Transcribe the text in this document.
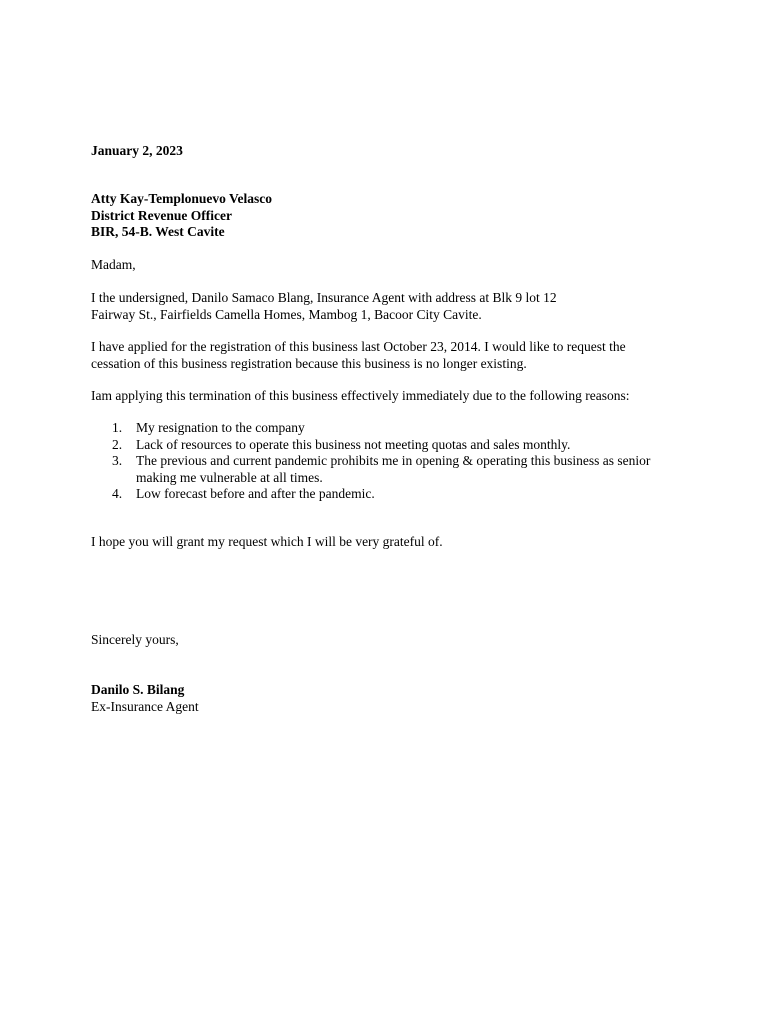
January 2, 2023
Atty Kay-Templonuevo Velasco
District Revenue Officer
BIR, 54-B. West Cavite
Madam,
I the undersigned, Danilo Samaco Blang, Insurance Agent with address at Blk 9 lot 12
Fairway St., Fairfields Camella Homes, Mambog 1, Bacoor City Cavite.
I have applied for the registration of this business last October 23, 2014. I would like to request the
cessation of this business registration because this business is no longer existing.
Iam applying this termination of this business effectively immediately due to the following reasons:
1. My resignation to the company
2. Lack of resources to operate this business not meeting quotas and sales monthly.
3. The previous and current pandemic prohibits me in opening & operating this business as senior
making me vulnerable at all times.
4. Low forecast before and after the pandemic.
I hope you will grant my request which I will be very grateful of.
Sincerely yours,
Danilo S. Bilang
Ex-Insurance Agent
